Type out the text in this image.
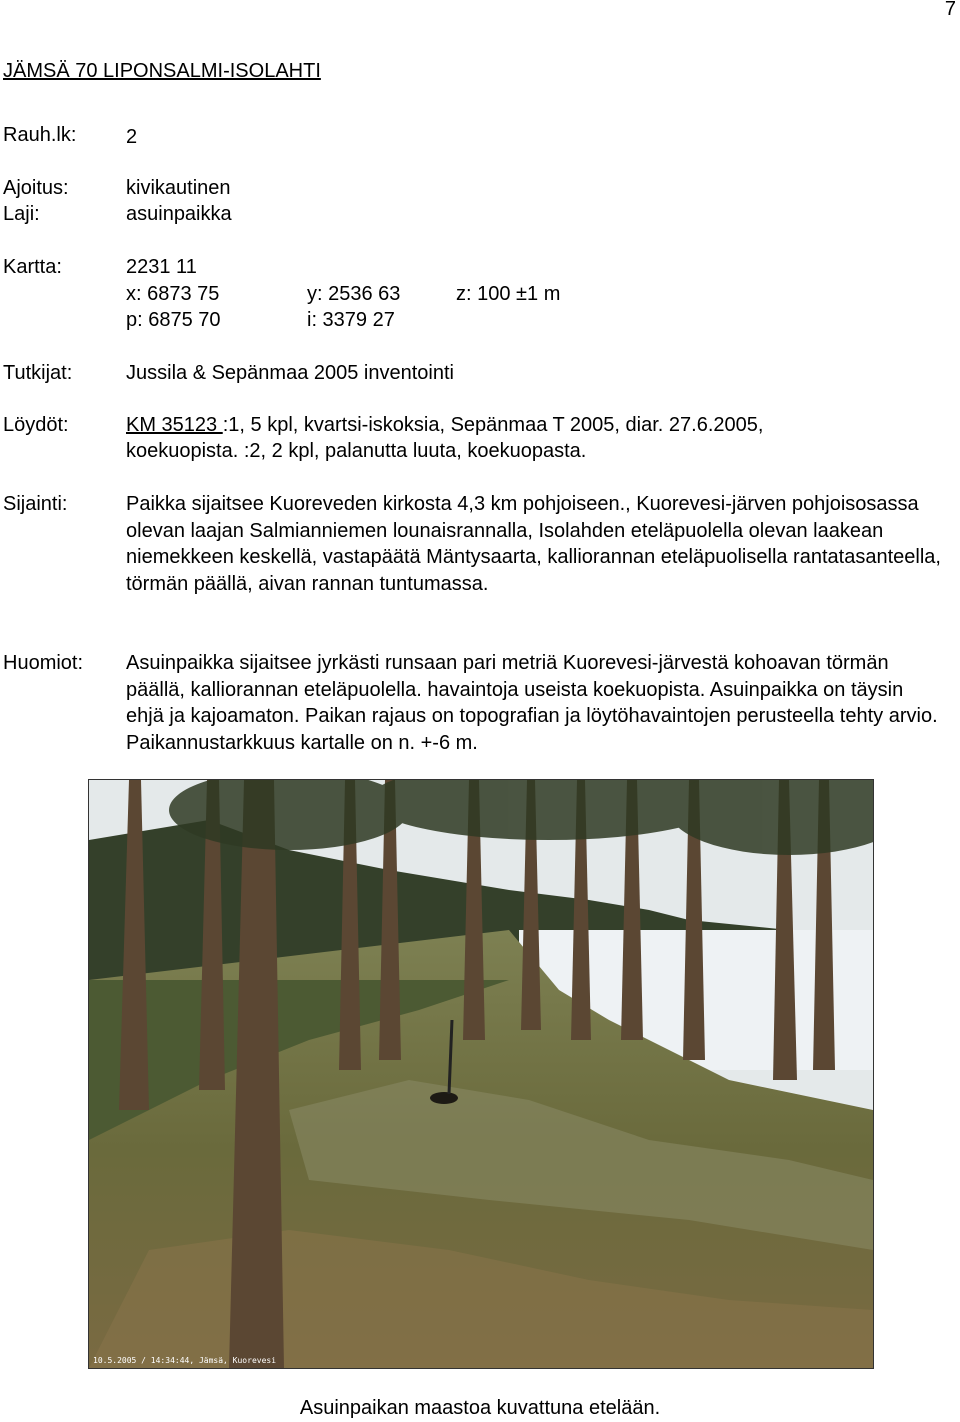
7
JÄMSÄ 70 LIPONSALMI-ISOLAHTI
Rauh.lk: 2
Ajoitus:	kivikautinen
Laji:	asuinpaikka
Kartta:	2231 11
x: 6873 75	y: 2536 63	z: 100 ±1 m
p: 6875 70	i: 3379 27
Tutkijat:	Jussila & Sepänmaa 2005 inventointi
Löydöt:	KM 35123 :1, 5 kpl, kvartsi-iskoksia, Sepänmaa T 2005, diar. 27.6.2005,
koekuopista. :2, 2 kpl, palanutta luuta, koekuopasta.
Sijainti:	Paikka sijaitsee Kuoreveden kirkosta 4,3 km pohjoiseen., Kuorevesi-järven pohjoisosassa olevan laajan Salmianniemen lounaisrannalla, Isolahden eteläpuolella olevan laakean niemekkeen keskellä, vastapäätä Mäntysaarta, kalliorannan eteläpuolisella rantatasanteella, törmän päällä, aivan rannan tuntumassa.
Huomiot: Asuinpaikka sijaitsee jyrkästi runsaan pari metriä Kuorevesi-järvestä kohoavan törmän päällä, kalliorannan eteläpuolella. havaintoja useista koekuopista. Asuinpaikka on täysin ehjä ja kajoamaton. Paikan rajaus on topografian ja löytöhavaintojen perusteella tehty arvio. Paikannustarkkuus kartalle on n. +-6 m.
10.5.2005 / 14:34:44, Jämsä, Kuorevesi
Asuinpaikan maastoa kuvattuna etelään.
